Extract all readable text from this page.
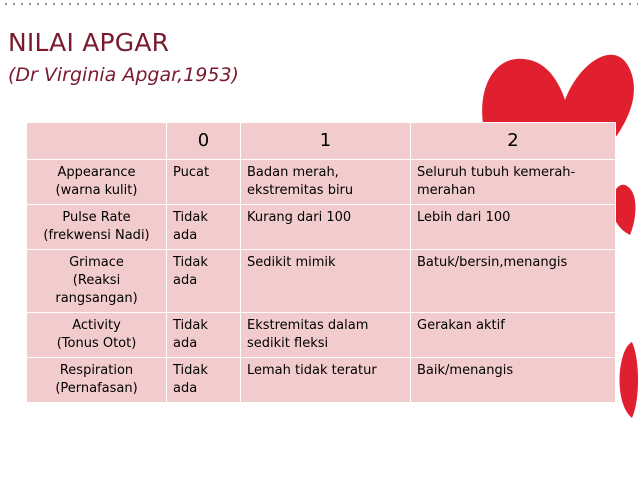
NILAI APGAR
(Dr Virginia Apgar,1953)
	0	1	2

Appearance
(warna kulit)	Pucat	Badan merah, ekstremitas biru	Seluruh tubuh kemerah-merahan

Pulse Rate
(frekwensi Nadi)	Tidak ada	Kurang dari 100	Lebih dari 100

Grimace
(Reaksi rangsangan)	Tidak ada	Sedikit mimik	Batuk/bersin,menangis

Activity
(Tonus Otot)	Tidak ada	Ekstremitas dalam sedikit fleksi	Gerakan aktif

Respiration
(Pernafasan)	Tidak ada	Lemah tidak teratur	Baik/menangis
